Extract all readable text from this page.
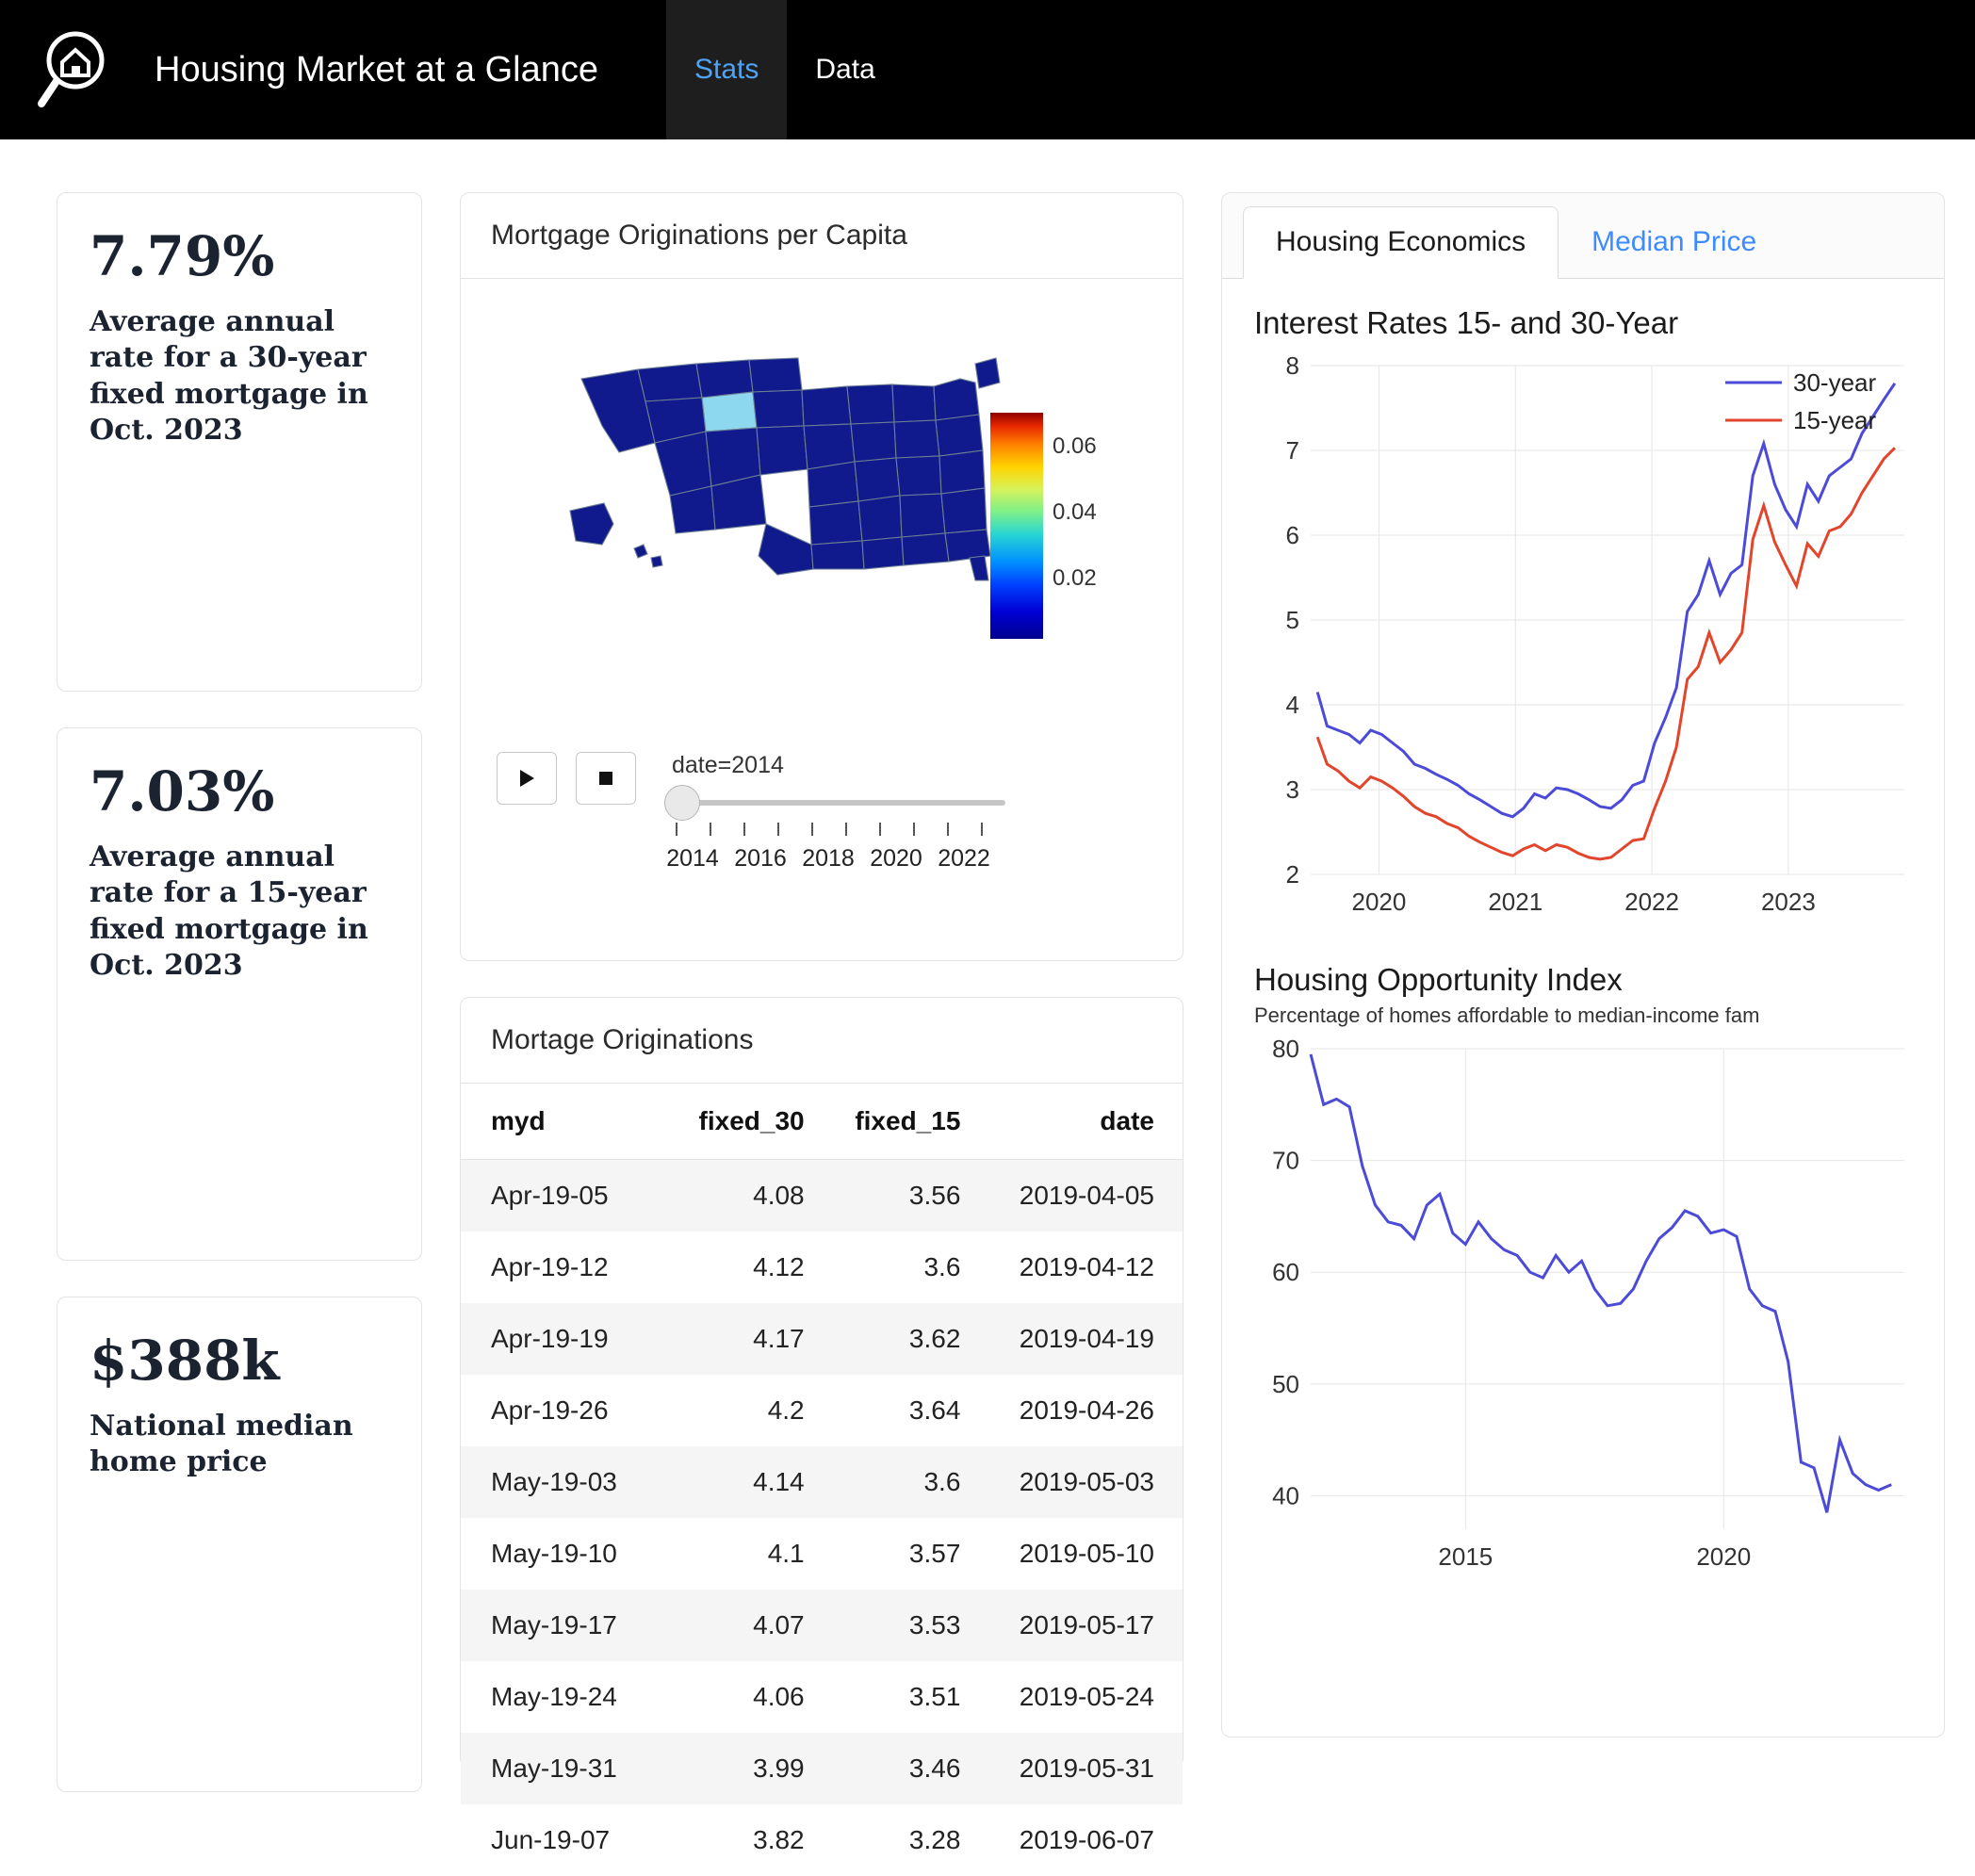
Housing Market at a Glance	Stats	Data
7.79%
Average annual rate for a 30-year fixed mortgage in Oct. 2023
7.03%
Average annual rate for a 15-year fixed mortgage in Oct. 2023
$388k
National median home price
Mortgage Originations per Capita
0.06
0.04
0.02
date=2014
2014 2016 2018 2020 2022
Mortage Originations
myd	fixed_30	fixed_15	date
Apr-19-05	4.08	3.56	2019-04-05
Apr-19-12	4.12	3.6	2019-04-12
Apr-19-19	4.17	3.62	2019-04-19
Apr-19-26	4.2	3.64	2019-04-26
May-19-03	4.14	3.6	2019-05-03
May-19-10	4.1	3.57	2019-05-10
May-19-17	4.07	3.53	2019-05-17
May-19-24	4.06	3.51	2019-05-24
May-19-31	3.99	3.46	2019-05-31
Jun-19-07	3.82	3.28	2019-06-07
Housing Economics	Median Price
Interest Rates 15- and 30-Year
2
3
4
5
6
7
8
2020	2021	2022	2023
30-year
15-year
Housing Opportunity Index
Percentage of homes affordable to median-income fam
40
50
60
70
80
2015	2020
